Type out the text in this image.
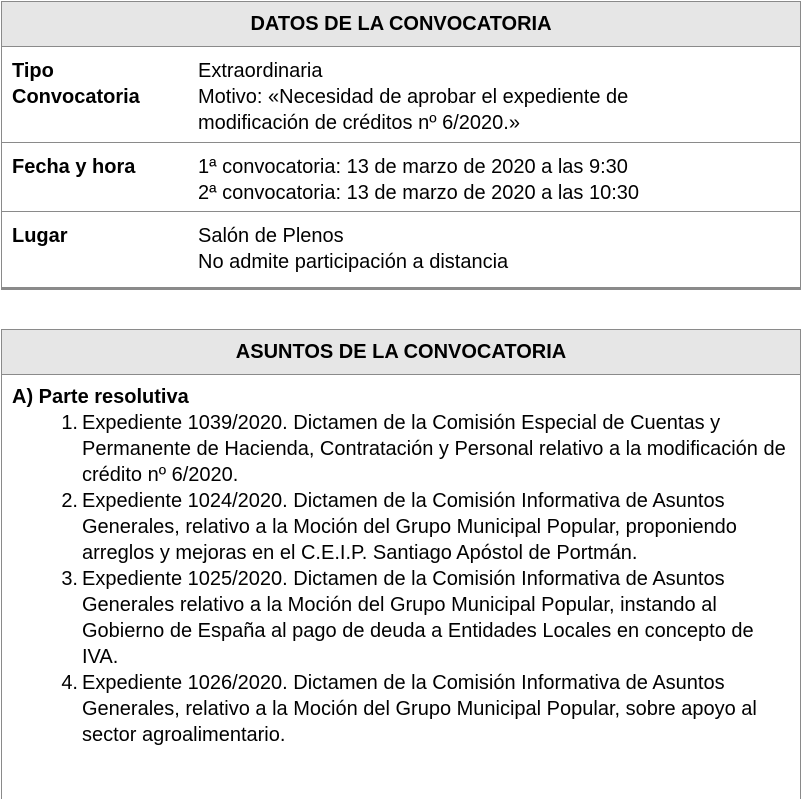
DATOS DE LA CONVOCATORIA
Tipo Convocatoria
Extraordinaria
Motivo: «Necesidad de aprobar el expediente de
modificación de créditos nº 6/2020.»
Fecha y hora	1ª convocatoria: 13 de marzo de 2020 a las 9:30
2ª convocatoria: 13 de marzo de 2020 a las 10:30
Lugar	Salón de Plenos
No admite participación a distancia
ASUNTOS DE LA CONVOCATORIA
A) Parte resolutiva
1. Expediente 1039/2020. Dictamen de la Comisión Especial de Cuentas y Permanente de Hacienda, Contratación y Personal relativo a la modificación de crédito nº 6/2020.
2. Expediente 1024/2020. Dictamen de la Comisión Informativa de Asuntos Generales, relativo a la Moción del Grupo Municipal Popular, proponiendo arreglos y mejoras en el C.E.I.P. Santiago Apóstol de Portmán.
3. Expediente 1025/2020. Dictamen de la Comisión Informativa de Asuntos Generales relativo a la Moción del Grupo Municipal Popular, instando al Gobierno de España al pago de deuda a Entidades Locales en concepto de IVA.
4. Expediente 1026/2020. Dictamen de la Comisión Informativa de Asuntos Generales, relativo a la Moción del Grupo Municipal Popular, sobre apoyo al sector agroalimentario.
